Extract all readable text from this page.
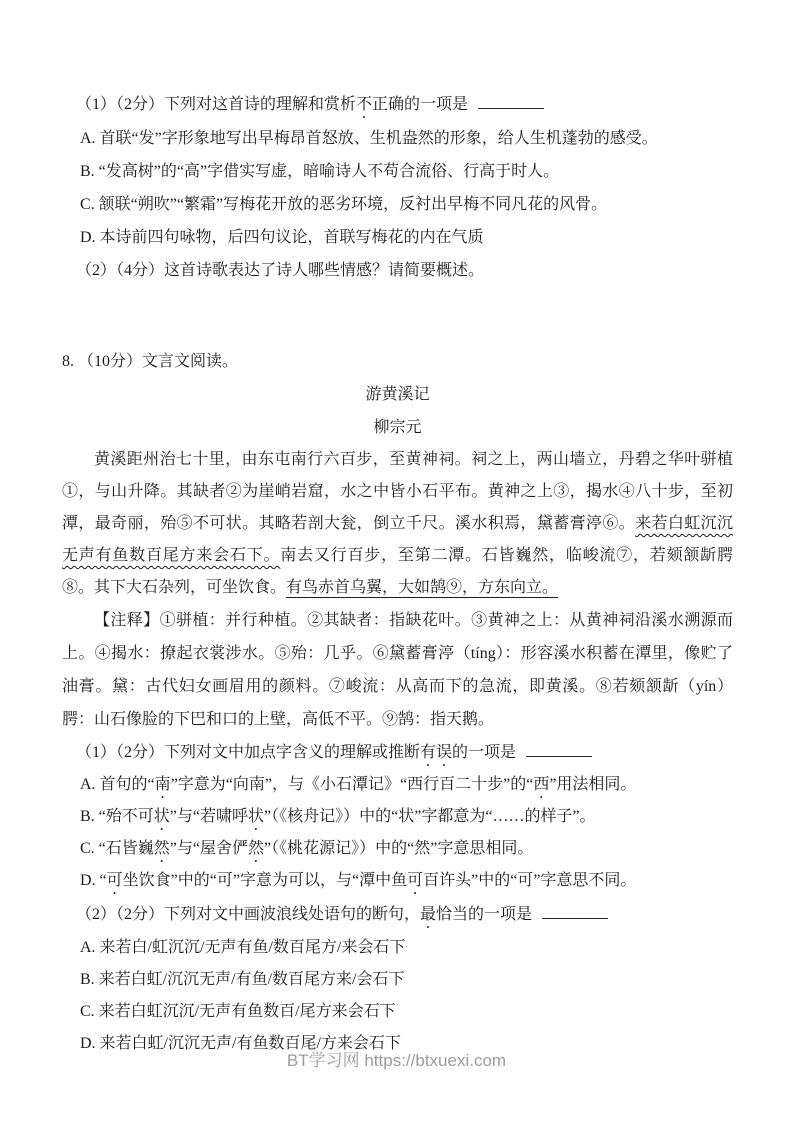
（1）（2分）下列对这首诗的理解和赏析不正确的一项是

A. 首联“发”字形象地写出早梅昂首怒放、生机盎然的形象，给人生机蓬勃的感受。

B. “发高树”的“高”字借实写虚，暗喻诗人不苟合流俗、行高于时人。

C. 颔联“朔吹”“繁霜”写梅花开放的恶劣环境，反衬出早梅不同凡花的风骨。

D. 本诗前四句咏物，后四句议论，首联写梅花的内在气质

（2）（4分）这首诗歌表达了诗人哪些情感？请简要概述。

8. （10分）文言文阅读。

游黄溪记

柳宗元

黄溪距州治七十里，由东屯南行六百步，至黄神祠。祠之上，两山墙立，丹碧之华叶骈植①，与山升降。其缺者②为崖峭岩窟，水之中皆小石平布。黄神之上③，揭水④八十步，至初潭，最奇丽，殆⑤不可状。其略若剖大瓮，倒立千尺。溪水积焉，黛蓄膏渟⑥。来若白虹沉沉无声有鱼数百尾方来会石下。南去又行百步，至第二潭。石皆巍然，临峻流⑦，若颏颔龂腭⑧。其下大石杂列，可坐饮食。有鸟赤首乌翼，大如鹄⑨，方东向立。

【注释】①骈植：并行种植。②其缺者：指缺花叶。③黄神之上：从黄神祠沿溪水溯源而上。④揭水：撩起衣裳涉水。⑤殆：几乎。⑥黛蓄膏渟（tíng）：形容溪水积蓄在潭里，像贮了油膏。黛：古代妇女画眉用的颜料。⑦峻流：从高而下的急流，即黄溪。⑧若颏颔龂（yín）腭：山石像脸的下巴和口的上壁，高低不平。⑨鹄：指天鹅。

（1）（2分）下列对文中加点字含义的理解或推断有误的一项是

A. 首句的“南”字意为“向南”，与《小石潭记》“西行百二十步”的“西”用法相同。

B. “殆不可状”与“若啸呼状”（《核舟记》）中的“状”字都意为“……的样子”。

C. “石皆巍然”与“屋舍俨然”（《桃花源记》）中的“然”字意思相同。

D. “可坐饮食”中的“可”字意为可以，与“潭中鱼可百许头”中的“可”字意思不同。

（2）（2分）下列对文中画波浪线处语句的断句，最恰当的一项是

A. 来若白/虹沉沉/无声有鱼/数百尾方/来会石下

B. 来若白虹/沉沉无声/有鱼/数百尾方来/会石下

C. 来若白虹沉沉/无声有鱼数百/尾方来会石下

D. 来若白虹/沉沉无声/有鱼数百尾/方来会石下

BT学习网 https://btxuexi.com
